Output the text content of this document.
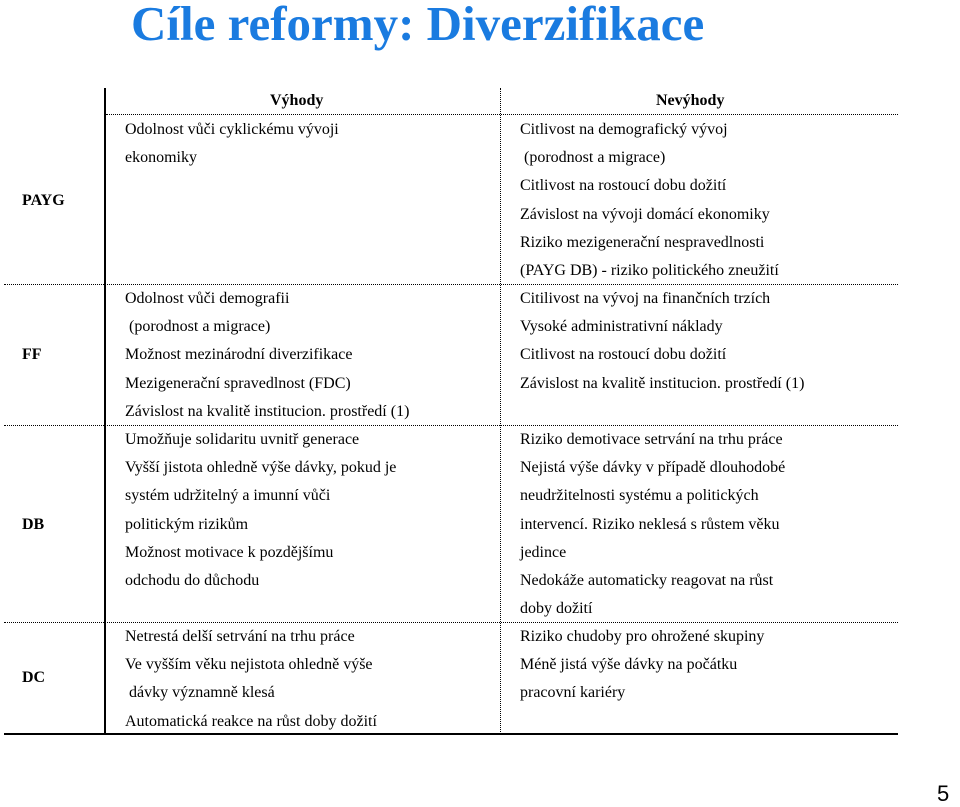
Cíle reformy: Diverzifikace
Výhody	Nevýhody
PAYG
FF
DB
DC
Odolnost vůči cyklickému vývoji
ekonomiky
Citlivost na demografický vývoj
(porodnost a migrace)
Citlivost na rostoucí dobu dožití
Závislost na vývoji domácí ekonomiky
Riziko mezigenerační nespravedlnosti
(PAYG DB) - riziko politického zneužití
Odolnost vůči demografii
(porodnost a migrace)
Možnost mezinárodní diverzifikace
Mezigenerační spravedlnost (FDC)
Závislost na kvalitě institucion. prostředí (1)
Citilivost na vývoj na finančních trzích
Vysoké administrativní náklady
Citlivost na rostoucí dobu dožití
Závislost na kvalitě institucion. prostředí (1)
Umožňuje solidaritu uvnitř generace
Vyšší jistota ohledně výše dávky, pokud je
systém udržitelný a imunní vůči
politickým rizikům
Možnost motivace k pozdějšímu
odchodu do důchodu
Riziko demotivace setrvání na trhu práce
Nejistá výše dávky v případě dlouhodobé
neudržitelnosti systému a politických
intervencí. Riziko neklesá s růstem věku
jedince
Nedokáže automaticky reagovat na růst
doby dožití
Netrestá delší setrvání na trhu práce
Ve vyšším věku nejistota ohledně výše
dávky významně klesá
Automatická reakce na růst doby dožití
Riziko chudoby pro ohrožené skupiny
Méně jistá výše dávky na počátku
pracovní kariéry
5
